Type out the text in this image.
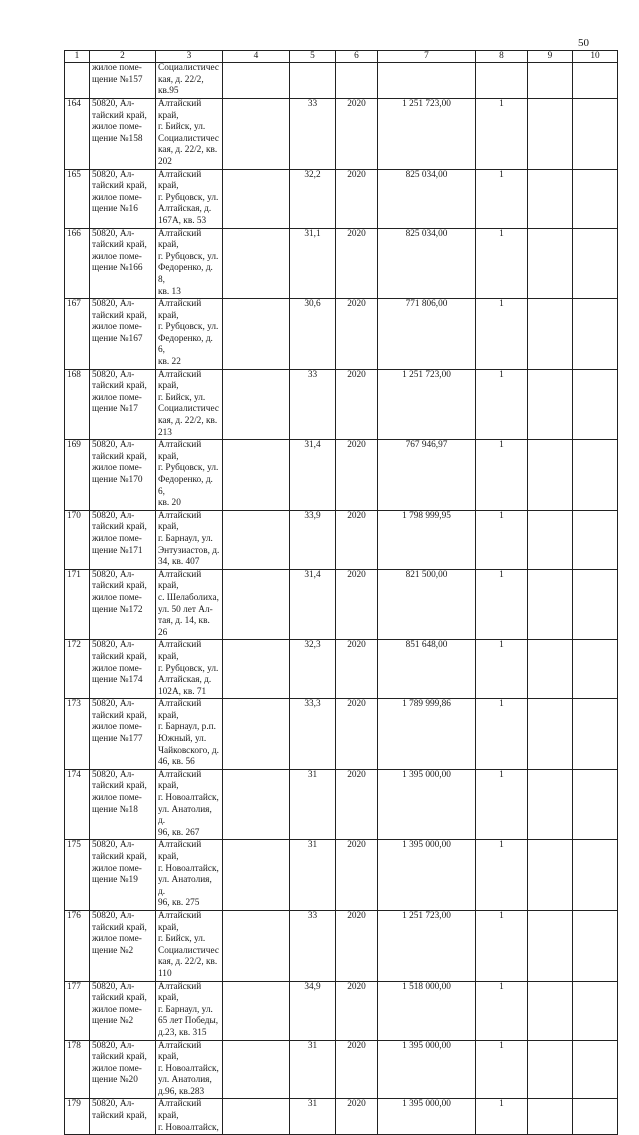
50
1	2	3	4	5	6	7	8	9	10
	жилое поме-
щение №157	Социалистичес
кая, д. 22/2,
кв.95							
164	50820, Ал-
тайский край,
жилое поме-
щение №158	Алтайский край,
г. Бийск, ул.
Социалистичес
кая, д. 22/2, кв.
202		33	2020	1 251 723,00	1		
165	50820, Ал-
тайский край,
жилое поме-
щение №16	Алтайский край,
г. Рубцовск, ул.
Алтайская, д.
167А, кв. 53		32,2	2020	825 034,00	1		
166	50820, Ал-
тайский край,
жилое поме-
щение №166	Алтайский край,
г. Рубцовск, ул.
Федоренко, д. 8,
кв. 13		31,1	2020	825 034,00	1		
167	50820, Ал-
тайский край,
жилое поме-
щение №167	Алтайский край,
г. Рубцовск, ул.
Федоренко, д. 6,
кв. 22		30,6	2020	771 806,00	1		
168	50820, Ал-
тайский край,
жилое поме-
щение №17	Алтайский край,
г. Бийск, ул.
Социалистичес
кая, д. 22/2, кв.
213		33	2020	1 251 723,00	1		
169	50820, Ал-
тайский край,
жилое поме-
щение №170	Алтайский край,
г. Рубцовск, ул.
Федоренко, д. 6,
кв. 20		31,4	2020	767 946,97	1		
170	50820, Ал-
тайский край,
жилое поме-
щение №171	Алтайский край,
г. Барнаул, ул.
Энтузиастов, д.
34, кв. 407		33,9	2020	1 798 999,95	1		
171	50820, Ал-
тайский край,
жилое поме-
щение №172	Алтайский край,
с. Шелаболиха,
ул. 50 лет Ал-
тая, д. 14, кв. 26		31,4	2020	821 500,00	1		
172	50820, Ал-
тайский край,
жилое поме-
щение №174	Алтайский край,
г. Рубцовск, ул.
Алтайская, д.
102А, кв. 71		32,3	2020	851 648,00	1		
173	50820, Ал-
тайский край,
жилое поме-
щение №177	Алтайский край,
г. Барнаул, р.п.
Южный, ул.
Чайковского, д.
46, кв. 56		33,3	2020	1 789 999,86	1		
174	50820, Ал-
тайский край,
жилое поме-
щение №18	Алтайский край,
г. Новоалтайск,
ул. Анатолия, д.
96, кв. 267		31	2020	1 395 000,00	1		
175	50820, Ал-
тайский край,
жилое поме-
щение №19	Алтайский край,
г. Новоалтайск,
ул. Анатолия, д.
96, кв. 275		31	2020	1 395 000,00	1		
176	50820, Ал-
тайский край,
жилое поме-
щение №2	Алтайский край,
г. Бийск, ул.
Социалистичес
кая, д. 22/2, кв.
110		33	2020	1 251 723,00	1		
177	50820, Ал-
тайский край,
жилое поме-
щение №2	Алтайский край,
г. Барнаул, ул.
65 лет Победы,
д.23, кв. 315		34,9	2020	1 518 000,00	1		
178	50820, Ал-
тайский край,
жилое поме-
щение №20	Алтайский край,
г. Новоалтайск,
ул. Анатолия,
д.96, кв.283		31	2020	1 395 000,00	1		
179	50820, Ал-
тайский край,	Алтайский край,
г. Новоалтайск,		31	2020	1 395 000,00	1		
